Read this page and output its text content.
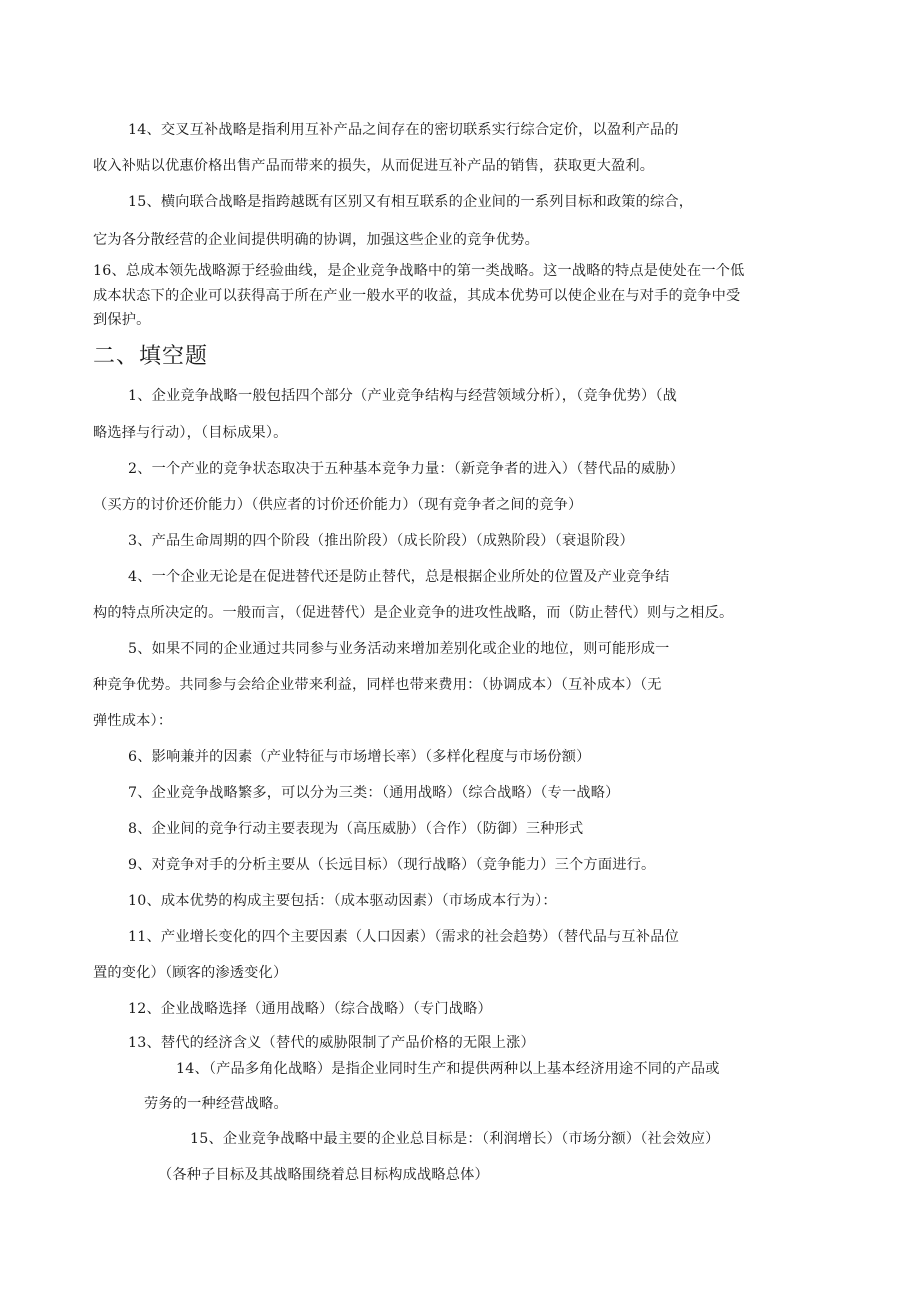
14、交叉互补战略是指利用互补产品之间存在的密切联系实行综合定价，以盈利产品的
收入补贴以优惠价格出售产品而带来的损失，从而促进互补产品的销售，获取更大盈利。
15、横向联合战略是指跨越既有区别又有相互联系的企业间的一系列目标和政策的综合，
它为各分散经营的企业间提供明确的协调，加强这些企业的竞争优势。
16、总成本领先战略源于经验曲线，是企业竞争战略中的第一类战略。这一战略的特点是使处在一个低
成本状态下的企业可以获得高于所在产业一般水平的收益，其成本优势可以使企业在与对手的竞争中受
到保护。
二、填空题
1、企业竞争战略一般包括四个部分（产业竞争结构与经营领域分析），（竞争优势）（战
略选择与行动），（目标成果）。
2、一个产业的竞争状态取决于五种基本竞争力量：（新竞争者的进入）（替代品的威胁）
（买方的讨价还价能力）（供应者的讨价还价能力）（现有竞争者之间的竞争）
3、产品生命周期的四个阶段（推出阶段）（成长阶段）（成熟阶段）（衰退阶段）
4、一个企业无论是在促进替代还是防止替代，总是根据企业所处的位置及产业竞争结
构的特点所决定的。一般而言，（促进替代）是企业竞争的进攻性战略，而（防止替代）则与之相反。
5、如果不同的企业通过共同参与业务活动来增加差别化或企业的地位，则可能形成一
种竞争优势。共同参与会给企业带来利益，同样也带来费用：（协调成本）（互补成本）（无
弹性成本）：
6、影响兼并的因素（产业特征与市场增长率）（多样化程度与市场份额）
7、企业竞争战略繁多，可以分为三类：（通用战略）（综合战略）（专一战略）
8、企业间的竞争行动主要表现为（高压威胁）（合作）（防御）三种形式
9、对竞争对手的分析主要从（长远目标）（现行战略）（竞争能力）三个方面进行。
10、成本优势的构成主要包括：（成本驱动因素）（市场成本行为）：
11、产业增长变化的四个主要因素（人口因素）（需求的社会趋势）（替代品与互补品位
置的变化）（顾客的渗透变化）
12、企业战略选择（通用战略）（综合战略）（专门战略）
13、替代的经济含义（替代的威胁限制了产品价格的无限上涨）
14、（产品多角化战略）是指企业同时生产和提供两种以上基本经济用途不同的产品或
劳务的一种经营战略。
15、企业竞争战略中最主要的企业总目标是：（利润增长）（市场分额）（社会效应）
（各种子目标及其战略围绕着总目标构成战略总体）
